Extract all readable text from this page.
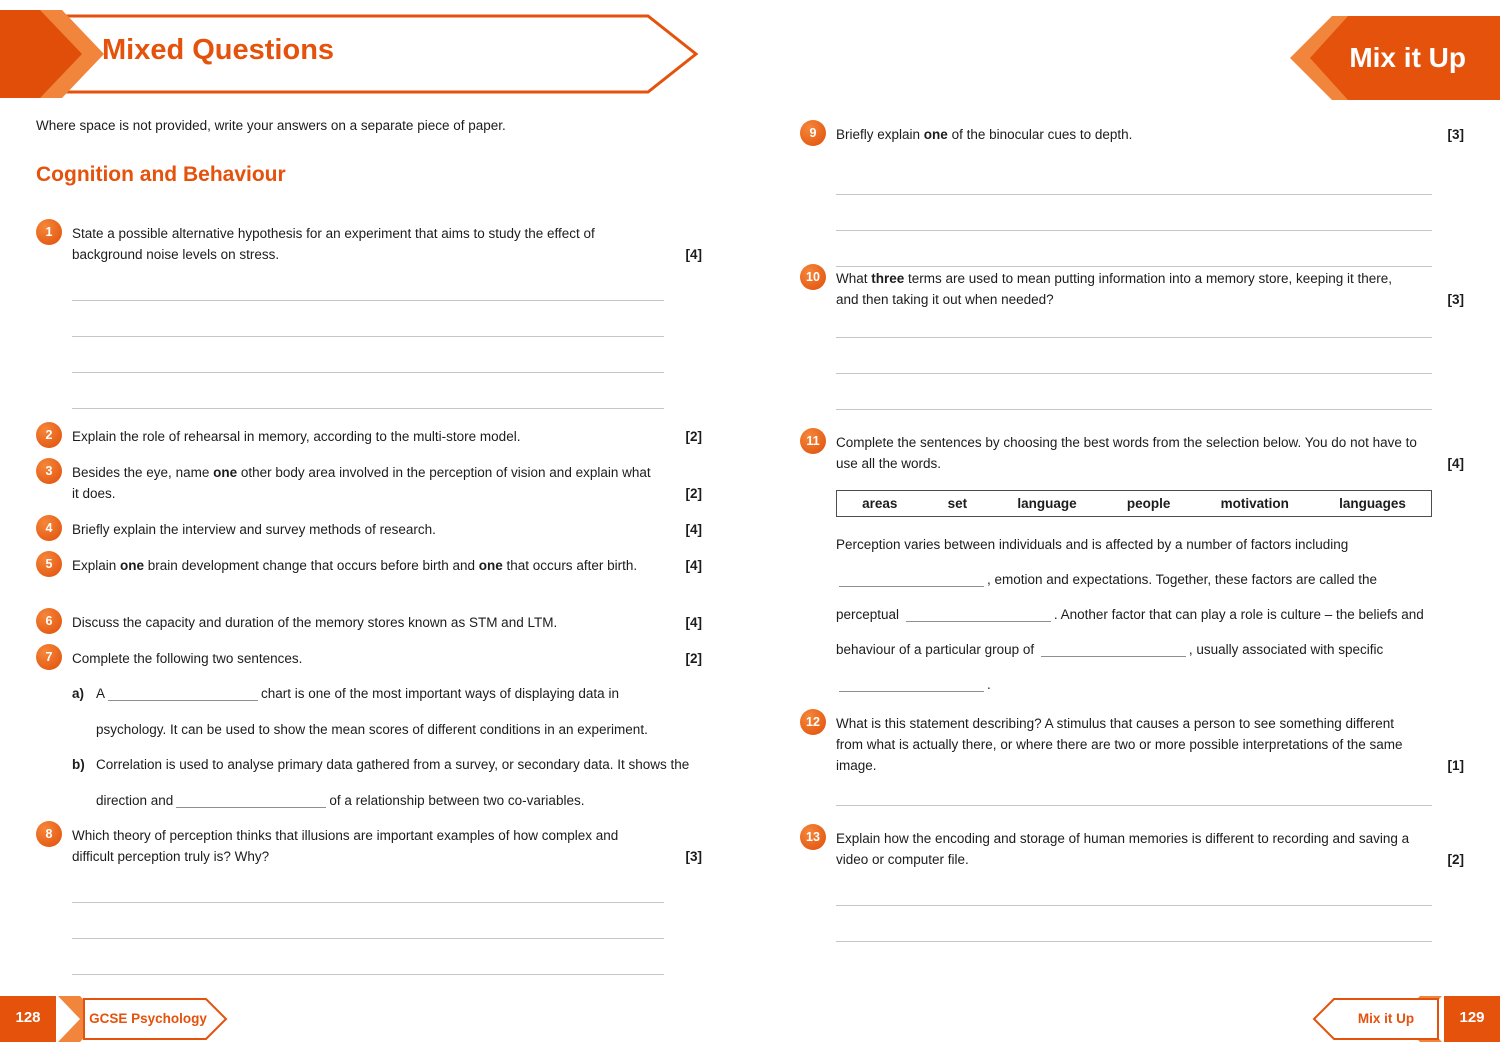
Mixed Questions	Mix it Up
Where space is not provided, write your answers on a separate piece of paper.
Cognition and Behaviour
1	State a possible alternative hypothesis for an experiment that aims to study the effect of background noise levels on stress.	[4]
2	Explain the role of rehearsal in memory, according to the multi-store model.	[2]
3	Besides the eye, name one other body area involved in the perception of vision and explain what it does.	[2]
4	Briefly explain the interview and survey methods of research.	[4]
5	Explain one brain development change that occurs before birth and one that occurs after birth.	[4]
6	Discuss the capacity and duration of the memory stores known as STM and LTM.	[4]
7	Complete the following two sentences.	[2]
a) A	chart is one of the most important ways of displaying data in psychology. It can be used to show the mean scores of different conditions in an experiment.
b) Correlation is used to analyse primary data gathered from a survey, or secondary data. It shows the direction and	of a relationship between two co-variables.
8	Which theory of perception thinks that illusions are important examples of how complex and difficult perception truly is? Why?	[3]
9	Briefly explain one of the binocular cues to depth.	[3]
10	What three terms are used to mean putting information into a memory store, keeping it there, and then taking it out when needed?	[3]
11	Complete the sentences by choosing the best words from the selection below. You do not have to use all the words.	[4]
areas	set	language	people	motivation	languages
Perception varies between individuals and is affected by a number of factors including , emotion and expectations. Together, these factors are called the perceptual	. Another factor that can play a role is culture – the beliefs and behaviour of a particular group of	, usually associated with specific .
12	What is this statement describing? A stimulus that causes a person to see something different from what is actually there, or where there are two or more possible interpretations of the same image.	[1]
13	Explain how the encoding and storage of human memories is different to recording and saving a video or computer file.	[2]
128	GCSE Psychology	129
Mix it Up
